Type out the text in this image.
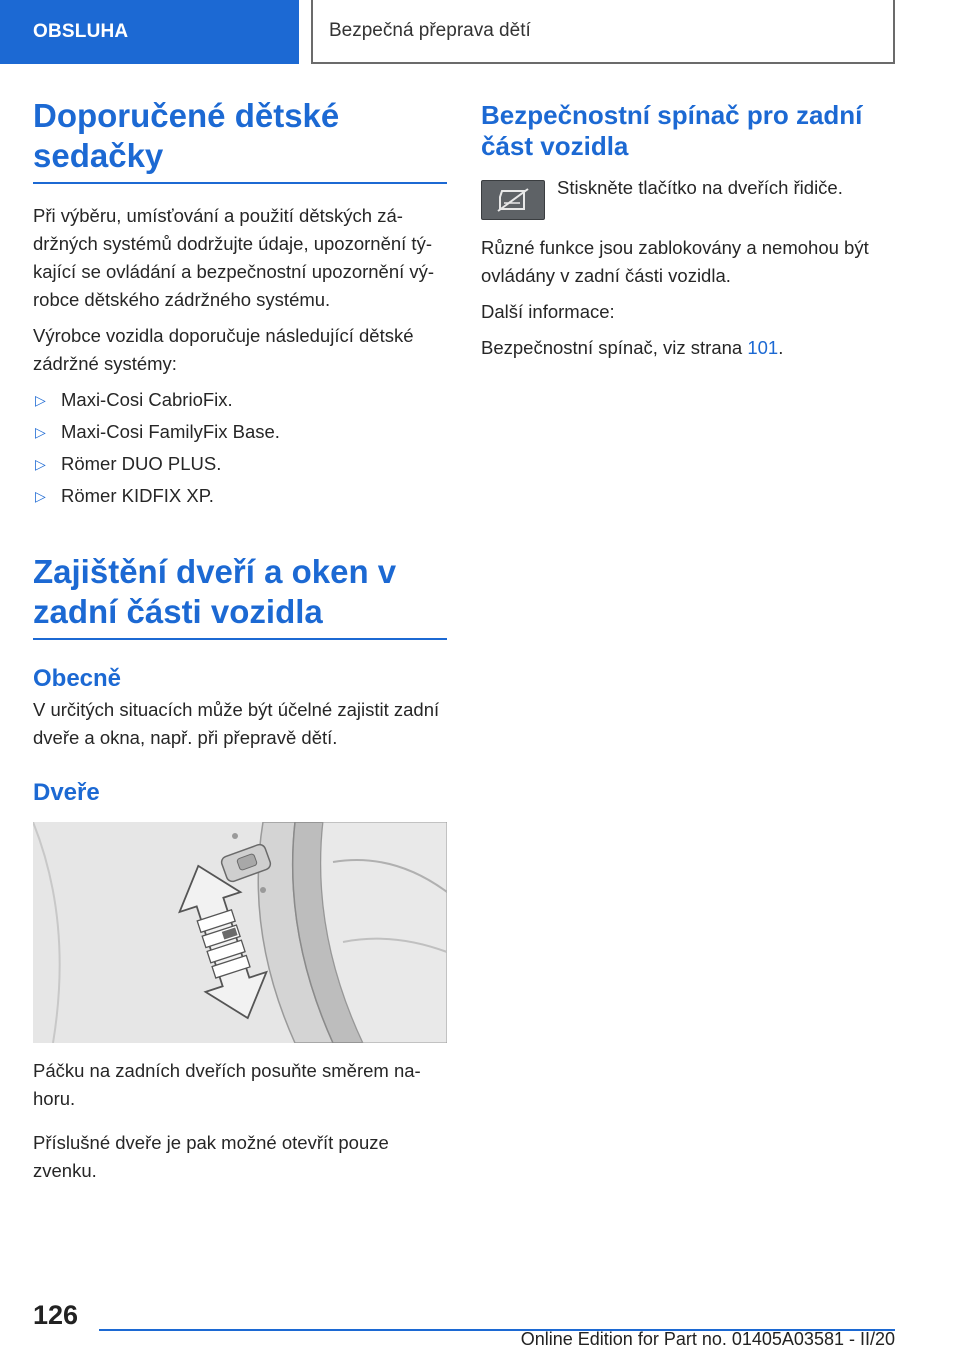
OBSLUHA	Bezpečná přeprava dětí
Doporučené dětské sedačky

Při výběru, umísťování a použití dětských zádržných systémů dodržujte údaje, upozornění týkající se ovládání a bezpečnostní upozornění výrobce dětského zádržného systému.

Výrobce vozidla doporučuje následující dětské zádržné systémy:

▷ Maxi-Cosi CabrioFix.
▷ Maxi-Cosi FamilyFix Base.
▷ Römer DUO PLUS.
▷ Römer KIDFIX XP.
Zajištění dveří a oken v zadní části vozidla
Obecně

V určitých situacích může být účelné zajistit zadní dveře a okna, např. při přepravě dětí.

Dveře

Páčku na zadních dveřích posuňte směrem nahoru.

Příslušné dveře je pak možné otevřít pouze zvenku.

Bezpečnostní spínač pro zadní část vozidla

Stiskněte tlačítko na dveřích řidiče.

Různé funkce jsou zablokovány a nemohou být ovládány v zadní části vozidla.

Další informace:

Bezpečnostní spínač, viz strana 101.

126
Online Edition for Part no. 01405A03581 - II/20
